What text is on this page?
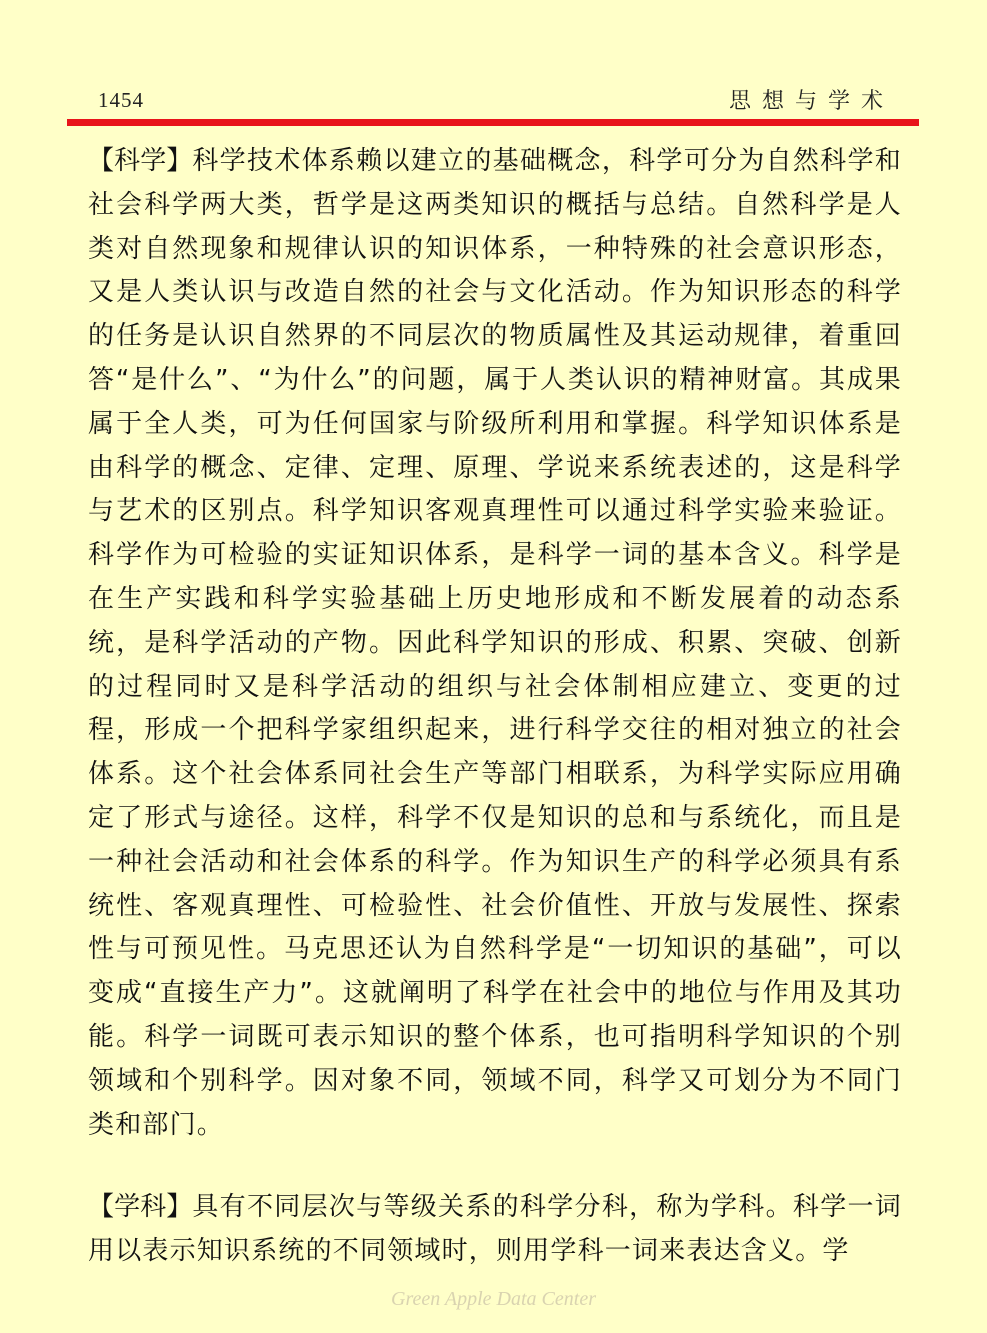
1454	思想与学术

【科学】科学技术体系赖以建立的基础概念，科学可分为自然科学和社会科学两大类，哲学是这两类知识的概括与总结。自然科学是人类对自然现象和规律认识的知识体系，一种特殊的社会意识形态，又是人类认识与改造自然的社会与文化活动。作为知识形态的科学的任务是认识自然界的不同层次的物质属性及其运动规律，着重回答“是什么”、“为什么”的问题，属于人类认识的精神财富。其成果属于全人类，可为任何国家与阶级所利用和掌握。科学知识体系是由科学的概念、定律、定理、原理、学说来系统表述的，这是科学与艺术的区别点。科学知识客观真理性可以通过科学实验来验证。科学作为可检验的实证知识体系，是科学一词的基本含义。科学是在生产实践和科学实验基础上历史地形成和不断发展着的动态系统，是科学活动的产物。因此科学知识的形成、积累、突破、创新的过程同时又是科学活动的组织与社会体制相应建立、变更的过程，形成一个把科学家组织起来，进行科学交往的相对独立的社会体系。这个社会体系同社会生产等部门相联系，为科学实际应用确定了形式与途径。这样，科学不仅是知识的总和与系统化，而且是一种社会活动和社会体系的科学。作为知识生产的科学必须具有系统性、客观真理性、可检验性、社会价值性、开放与发展性、探索性与可预见性。马克思还认为自然科学是“一切知识的基础”，可以变成“直接生产力”。这就阐明了科学在社会中的地位与作用及其功能。科学一词既可表示知识的整个体系，也可指明科学知识的个别领域和个别科学。因对象不同，领域不同，科学又可划分为不同门类和部门。

【学科】具有不同层次与等级关系的科学分科，称为学科。科学一词用以表示知识系统的不同领域时，则用学科一词来表达含义。学

Green Apple Data Center
